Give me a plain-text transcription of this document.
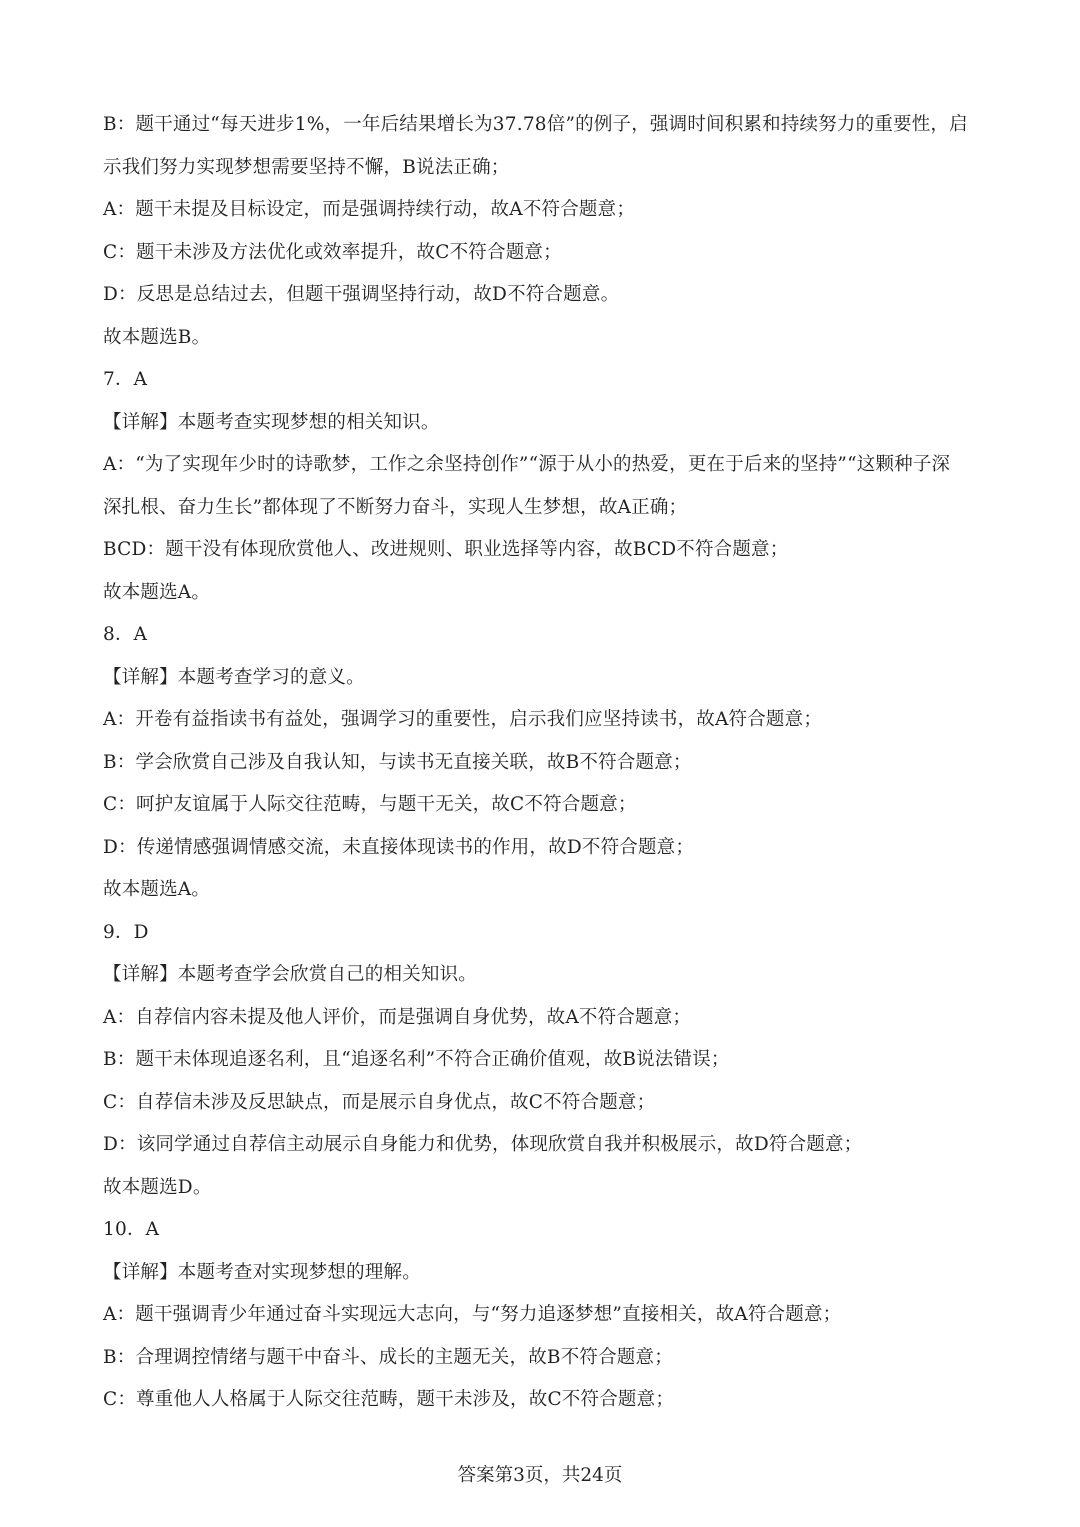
B：题干通过“每天进步1%，一年后结果增长为37.78倍”的例子，强调时间积累和持续努力的重要性，启
示我们努力实现梦想需要坚持不懈，B说法正确；
A：题干未提及目标设定，而是强调持续行动，故A不符合题意；
C：题干未涉及方法优化或效率提升，故C不符合题意；
D：反思是总结过去，但题干强调坚持行动，故D不符合题意。
故本题选B。
7．A
【详解】本题考查实现梦想的相关知识。
A：“为了实现年少时的诗歌梦，工作之余坚持创作”“源于从小的热爱，更在于后来的坚持”“这颗种子深
深扎根、奋力生长”都体现了不断努力奋斗，实现人生梦想，故A正确；
BCD：题干没有体现欣赏他人、改进规则、职业选择等内容，故BCD不符合题意；
故本题选A。
8．A
【详解】本题考查学习的意义。
A：开卷有益指读书有益处，强调学习的重要性，启示我们应坚持读书，故A符合题意；
B：学会欣赏自己涉及自我认知，与读书无直接关联，故B不符合题意；
C：呵护友谊属于人际交往范畴，与题干无关，故C不符合题意；
D：传递情感强调情感交流，未直接体现读书的作用，故D不符合题意；
故本题选A。
9．D
【详解】本题考查学会欣赏自己的相关知识。
A：自荐信内容未提及他人评价，而是强调自身优势，故A不符合题意；
B：题干未体现追逐名利，且“追逐名利”不符合正确价值观，故B说法错误；
C：自荐信未涉及反思缺点，而是展示自身优点，故C不符合题意；
D：该同学通过自荐信主动展示自身能力和优势，体现欣赏自我并积极展示，故D符合题意；
故本题选D。
10．A
【详解】本题考查对实现梦想的理解。
A：题干强调青少年通过奋斗实现远大志向，与“努力追逐梦想”直接相关，故A符合题意；
B：合理调控情绪与题干中奋斗、成长的主题无关，故B不符合题意；
C：尊重他人人格属于人际交往范畴，题干未涉及，故C不符合题意；
答案第3页，共24页
